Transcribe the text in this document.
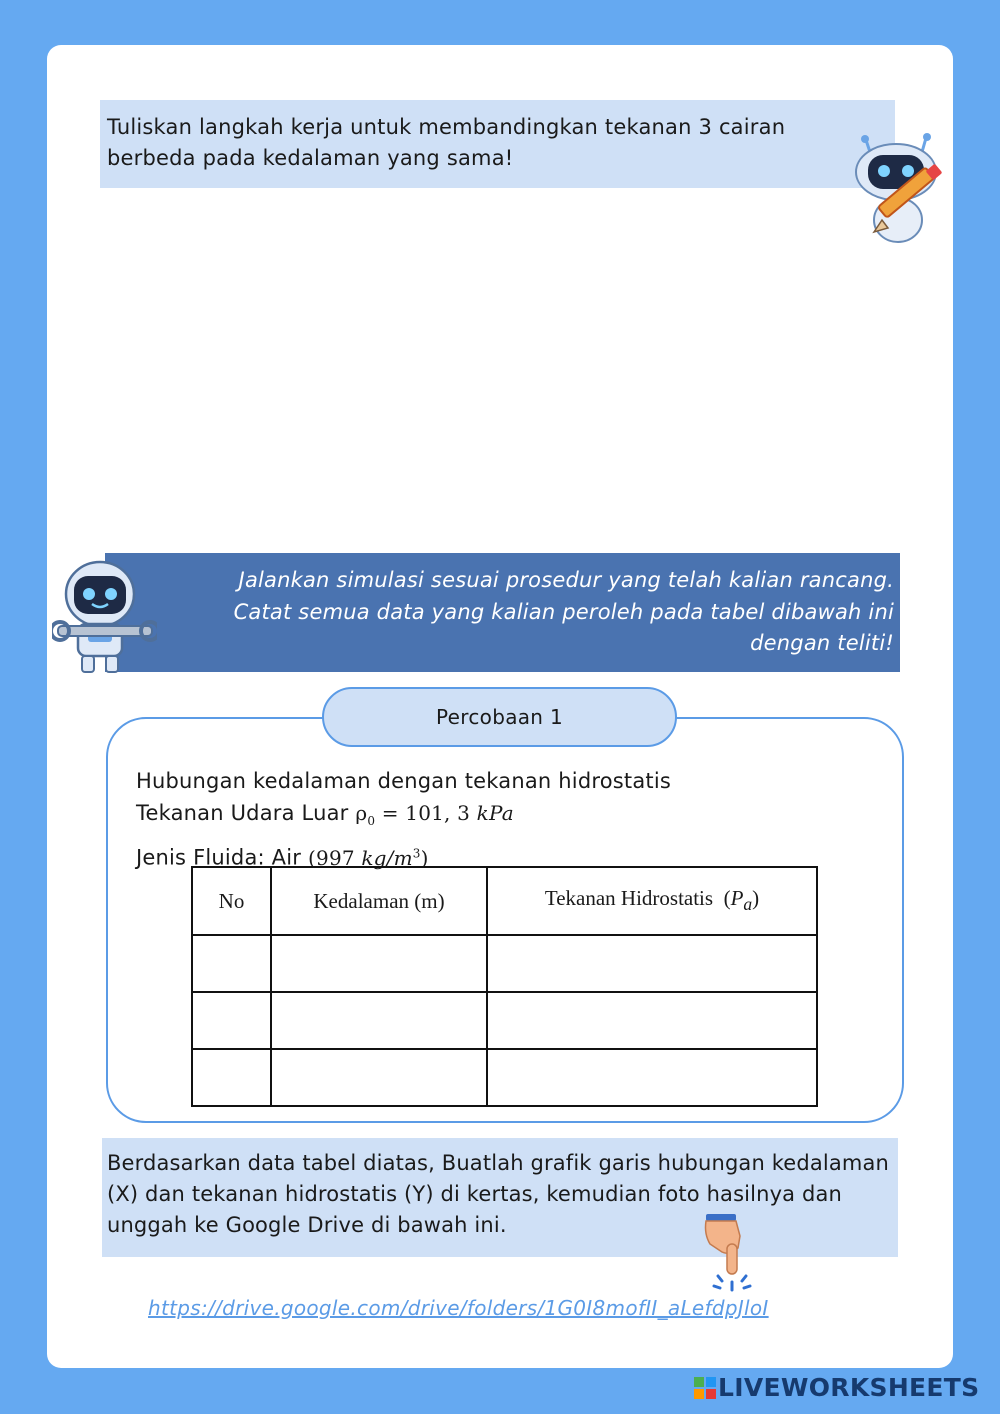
Tuliskan langkah kerja untuk membandingkan tekanan 3 cairan berbeda pada kedalaman yang sama!

Jalankan simulasi sesuai prosedur yang telah kalian rancang.
Catat semua data yang kalian peroleh pada tabel dibawah ini
dengan teliti!

Percobaan 1
Hubungan kedalaman dengan tekanan hidrostatis
Tekanan Udara Luar $\rho_0 = 101$, 3 kPa
Jenis Fluida: Air (997 $kg/m^3$)
No	Kedalaman (m)	Tekanan Hidrostatis  $(P_a)$

Berdasarkan data tabel diatas, Buatlah grafik garis hubungan kedalaman (X) dan tekanan hidrostatis (Y) di kertas, kemudian foto hasilnya dan unggah ke Google Drive di bawah ini.

https://drive.google.com/drive/folders/1G0I8mofII_aLefdpJloI
LIVEWORKSHEETS
